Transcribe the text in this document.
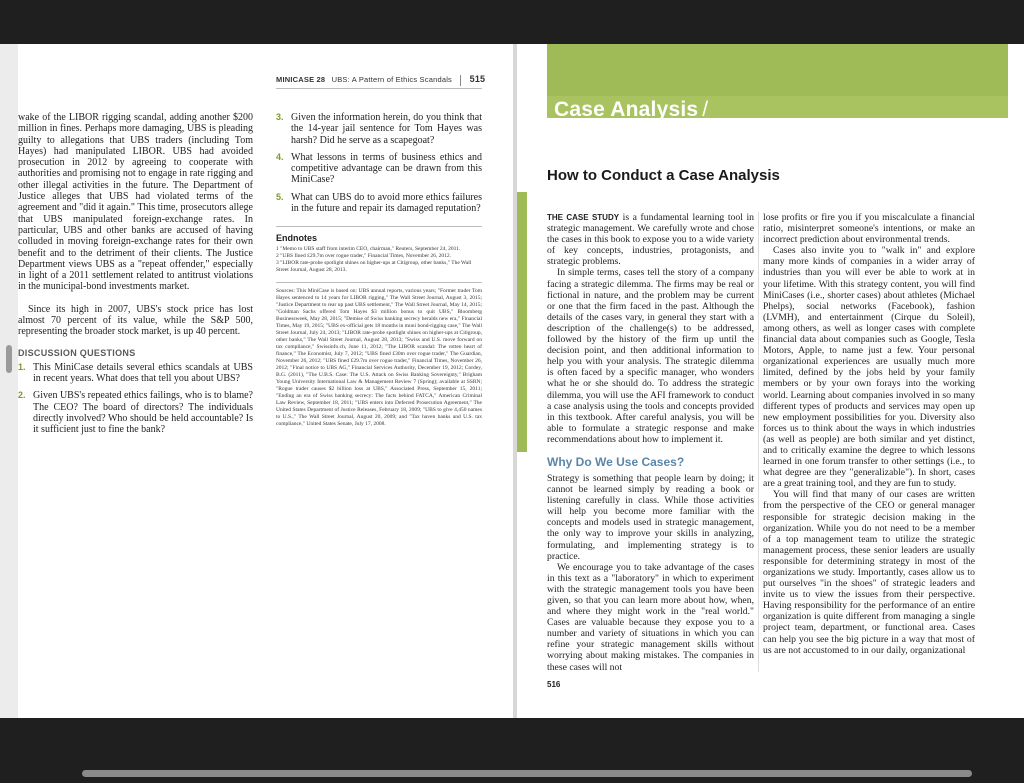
MINICASE 28 UBS: A Pattern of Ethics Scandals 515

wake of the LIBOR rigging scandal, adding another $200 million in fines. Perhaps more damaging, UBS is pleading guilty to allegations that UBS traders (including Tom Hayes) had manipulated LIBOR. UBS had avoided prosecution in 2012 by agreeing to cooperate with authorities and promising not to engage in rate rigging and other illegal activities in the future. The Department of Justice alleges that UBS had violated terms of the agreement and "did it again." This time, prosecutors allege that UBS manipulated foreign-exchange rates. In particular, UBS and other banks are accused of having colluded in moving foreign-exchange rates for their own benefit and to the detriment of their clients. The Justice Department views UBS as a "repeat offender," especially in light of a 2011 settlement related to antitrust violations in the municipal-bond investments market.

Since its high in 2007, UBS's stock price has lost almost 70 percent of its value, while the S&P 500, representing the broader stock market, is up 40 percent.

DISCUSSION QUESTIONS
1. This MiniCase details several ethics scandals at UBS in recent years. What does that tell you about UBS?
2. Given UBS's repeated ethics failings, who is to blame? The CEO? The board of directors? The individuals directly involved? Who should be held accountable? Is it sufficient just to fine the bank?
3. Given the information herein, do you think that the 14-year jail sentence for Tom Hayes was harsh? Did he serve as a scapegoat?
4. What lessons in terms of business ethics and competitive advantage can be drawn from this MiniCase?
5. What can UBS do to avoid more ethics failures in the future and repair its damaged reputation?
Endnotes
1 "Memo to UBS staff from interim CEO, chairman," Reuters, September 24, 2011.
2 "UBS fined £29.7m over rogue trader," Financial Times, November 26, 2012.
3 "LIBOR rate-probe spotlight shines on higher-ups at Citigroup, other banks," The Wall Street Journal, August 28, 2013.
Sources: This MiniCase is based on: UBS annual reports, various years; "Former trader Tom Hayes sentenced to 14 years for LIBOR rigging," The Wall Street Journal, August 3, 2015; "Justice Department to rear up past UBS settlement," The Wall Street Journal, May 14, 2015; "Goldman Sachs offered Tom Hayes $3 million bonus to quit UBS," Bloomberg Businessweek, May 28, 2015; "Demise of Swiss banking secrecy heralds new era," Financial Times, May 19, 2015; "UBS ex-official gets 18 months in muni bond-rigging case," The Wall Street Journal, July 24, 2013; "LIBOR rate-probe spotlight shines on higher-ups at Citigroup, other banks," The Wall Street Journal, August 28, 2013; "Swiss and U.S. move forward on tax compliance," Swissinfo.ch, June 11, 2012; "The LIBOR scandal: The rotten heart of finance," The Economist, July 7, 2012; "UBS fined £30m over rogue trader," The Guardian, November 26, 2012; "UBS fined £29.7m over rogue trader," Financial Times, November 26, 2012; "Final notice to UBS AG," Financial Services Authority, December 19, 2012; Cordey, B.G. (2011), "The U.B.S. Case: The U.S. Attack on Swiss Banking Sovereignty," Brigham Young University International Law & Management Review 7 (Spring); available at SSRN; "Rogue trader causes $2 billion loss at UBS," Associated Press, September 15, 2011; "Ending an era of Swiss banking secrecy: The facts behind FATCA," American Criminal Law Review, September 18, 2011; "UBS enters into Deferred Prosecution Agreement," The United States Department of Justice Releases, February 18, 2009; "UBS to give 4,450 names to U.S.," The Wall Street Journal, August 20, 2009; and "Tax haven banks and U.S. tax compliance," United States Senate, July 17, 2008.
Case Analysis /
How to Conduct a Case Analysis

THE CASE STUDY is a fundamental learning tool in strategic management. We carefully wrote and chose the cases in this book to expose you to a wide variety of key concepts, industries, protagonists, and strategic problems.

In simple terms, cases tell the story of a company facing a strategic dilemma. The firms may be real or fictional in nature, and the problem may be current or one that the firm faced in the past. Although the details of the cases vary, in general they start with a description of the challenge(s) to be addressed, followed by the history of the firm up until the decision point, and then additional information to help you with your analysis. The strategic dilemma is often faced by a specific manager, who wonders what he or she should do. To address the strategic dilemma, you will use the AFI framework to conduct a case analysis using the tools and concepts provided in this textbook. After careful analysis, you will be able to formulate a strategic response and make recommendations about how to implement it.

Why Do We Use Cases?

Strategy is something that people learn by doing; it cannot be learned simply by reading a book or listening carefully in class. While those activities will help you become more familiar with the concepts and models used in strategic management, the only way to improve your skills in analyzing, formulating, and implementing strategy is to practice.

We encourage you to take advantage of the cases in this text as a "laboratory" in which to experiment with the strategic management tools you have been given, so that you can learn more about how, when, and where they might work in the "real world." Cases are valuable because they expose you to a number and variety of situations in which you can refine your strategic management skills without worrying about making mistakes. The companies in these cases will not

lose profits or fire you if you miscalculate a financial ratio, misinterpret someone's intentions, or make an incorrect prediction about environmental trends.

Cases also invite you to "walk in" and explore many more kinds of companies in a wider array of industries than you will ever be able to work at in your lifetime. With this strategy content, you will find MiniCases (i.e., shorter cases) about athletes (Michael Phelps), social networks (Facebook), fashion (LVMH), and entertainment (Cirque du Soleil), among others, as well as longer cases with complete financial data about companies such as Google, Tesla Motors, Apple, to name just a few. Your personal organizational experiences are usually much more limited, defined by the jobs held by your family members or by your own forays into the working world. Learning about companies involved in so many different types of products and services may open up new employment possibilities for you. Diversity also forces us to think about the ways in which industries (as well as people) are both similar and yet distinct, and to critically examine the degree to which lessons learned in one forum transfer to other settings (i.e., to what degree are they "generalizable"). In short, cases are a great training tool, and they are fun to study.

You will find that many of our cases are written from the perspective of the CEO or general manager responsible for strategic decision making in the organization. While you do not need to be a member of a top management team to utilize the strategic management process, these senior leaders are usually responsible for determining strategy in most of the organizations we study. Importantly, cases allow us to put ourselves "in the shoes" of strategic leaders and invite us to view the issues from their perspective. Having responsibility for the performance of an entire organization is quite different from managing a single project team, department, or functional area. Cases can help you see the big picture in a way that most of us are not accustomed to in our daily, organizational

516
